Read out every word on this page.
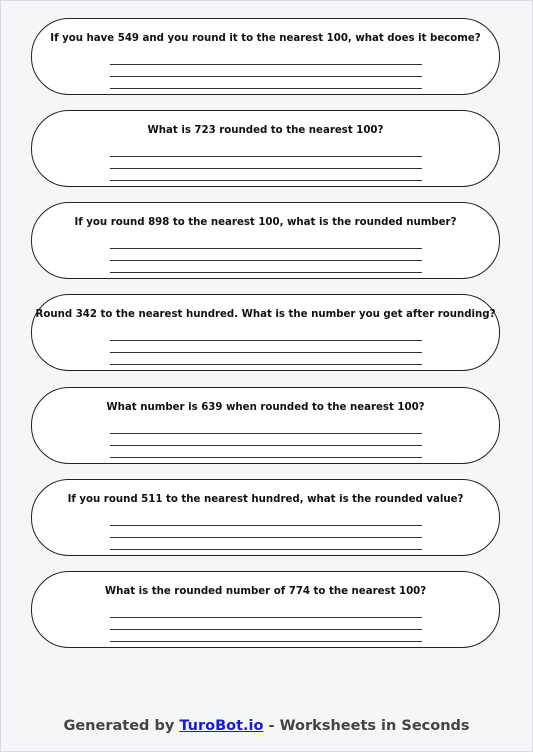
If you have 549 and you round it to the nearest 100, what does it become?
What is 723 rounded to the nearest 100?
If you round 898 to the nearest 100, what is the rounded number?
Round 342 to the nearest hundred. What is the number you get after rounding?
What number is 639 when rounded to the nearest 100?
If you round 511 to the nearest hundred, what is the rounded value?
What is the rounded number of 774 to the nearest 100?
Generated by TuroBot.io - Worksheets in Seconds
